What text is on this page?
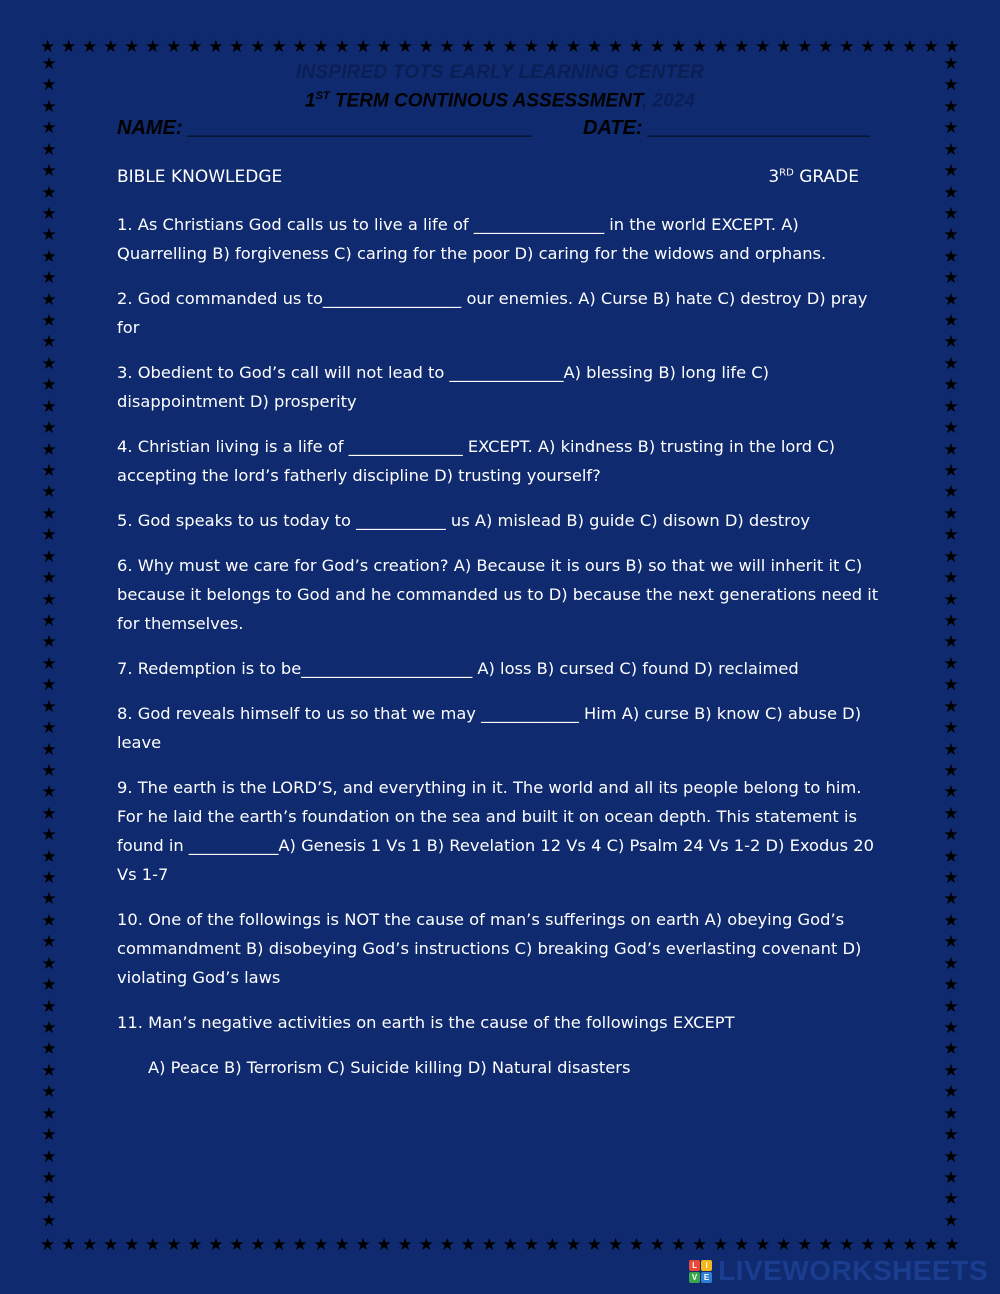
★ ★ ★ ★ ★ ★ ★ ★ ★ ★ ★ ★ ★ ★ ★ ★ ★ ★ ★ ★ ★ ★ ★ ★ ★ ★ ★ ★ ★ ★ ★ ★ ★ ★ ★ ★ ★ ★ ★ ★ ★ ★ ★ ★
★ ★ ★ ★ ★ ★ ★ ★ ★ ★ ★ ★ ★ ★ ★ ★ ★ ★ ★ ★ ★ ★ ★ ★ ★ ★ ★ ★ ★ ★ ★ ★ ★ ★ ★ ★ ★ ★ ★ ★ ★ ★ ★ ★
★
★
★
★
★
★
★
★
★
★
★
★
★
★
★
★
★
★
★
★
★
★
★
★
★
★
★
★
★
★
★
★
★
★
★
★
★
★
★
★
★
★
★
★
★
★
★
★
★
★
★
★
★
★
★
★
★
★
★
★
★
★
★
★
★
★
★
★
★
★
★
★
★
★
★
★
★
★
★
★
★
★
★
★
★
★
★
★
★
★
★
★
★
★
★
★
★
★
★
★
★
★
★
★
★
★
★
★
★
★
INSPIRED TOTS EARLY LEARNING CENTER
1ST TERM CONTINOUS ASSESSMENT, 2024
NAME: _______________________________	DATE: ____________________
BIBLE KNOWLEDGE	3RD GRADE

1. As Christians God calls us to live a life of ________________ in the world EXCEPT. A) Quarrelling B) forgiveness C) caring for the poor D) caring for the widows and orphans.

2. God commanded us to_________________ our enemies. A) Curse B) hate C) destroy D) pray for

3. Obedient to God’s call will not lead to ______________A) blessing B) long life C) disappointment D) prosperity

4. Christian living is a life of ______________ EXCEPT. A) kindness B) trusting in the lord C) accepting the lord’s fatherly discipline D) trusting yourself?

5. God speaks to us today to ___________ us A) mislead B) guide C) disown D) destroy

6. Why must we care for God’s creation? A) Because it is ours B) so that we will inherit it C) because it belongs to God and he commanded us to D) because the next generations need it for themselves.

7. Redemption is to be_____________________ A) loss B) cursed C) found D) reclaimed

8. God reveals himself to us so that we may ____________ Him A) curse B) know C) abuse D) leave

9. The earth is the LORD’S, and everything in it. The world and all its people belong to him. For he laid the earth’s foundation on the sea and built it on ocean depth. This statement is found in ___________A) Genesis 1 Vs 1 B) Revelation 12 Vs 4 C) Psalm 24 Vs 1-2 D) Exodus 20 Vs 1-7

10. One of the followings is NOT the cause of man’s sufferings on earth A) obeying God’s commandment B) disobeying God’s instructions C) breaking God’s everlasting covenant D) violating God’s laws

11. Man’s negative activities on earth is the cause of the followings EXCEPT

A) Peace B) Terrorism C) Suicide killing D) Natural disasters

L	I
V E LIVEWORKSHEETS
